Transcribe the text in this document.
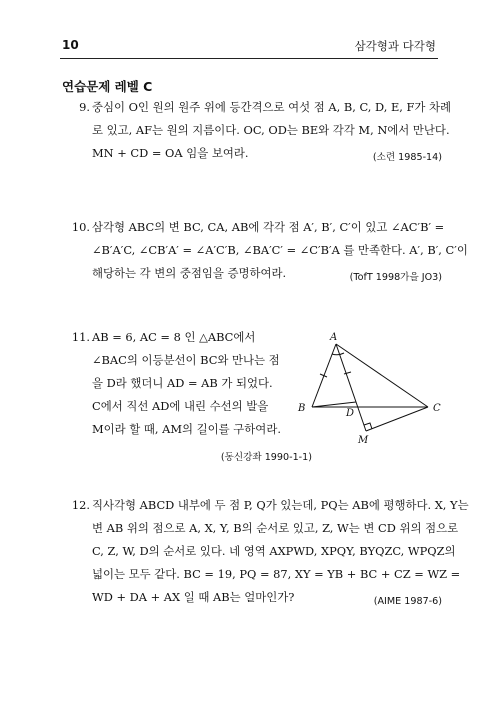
10	삼각형과 다각형
연습문제 레벨 C
9. 중심이 O인 원의 원주 위에 등간격으로 여섯 점 A, B, C, D, E, F가 차례
로 있고, AF는 원의 지름이다. OC, OD는 BE와 각각 M, N에서 만난다.
MN + CD = OA 임을 보여라.	(소련 1985-14)
10. 삼각형 ABC의 변 BC, CA, AB에 각각 점 A′, B′, C′이 있고 ∠AC′B′ =
∠B′A′C, ∠CB′A′ = ∠A′C′B, ∠BA′C′ = ∠C′B′A 를 만족한다. A′, B′, C′이
해당하는 각 변의 중점임을 증명하여라.	(TofT 1998가을 JO3)
11. AB = 6, AC = 8 인 △ABC에서
∠BAC의 이등분선이 BC와 만나는 점
을 D라 했더니 AD = AB 가 되었다.
C에서 직선 AD에 내린 수선의 발을
M이라 할 때, AM의 길이를 구하여라.
(동신강좌 1990-1-1)
A
B	C
D
M
12. 직사각형 ABCD 내부에 두 점 P, Q가 있는데, PQ는 AB에 평행하다. X, Y는
변 AB 위의 점으로 A, X, Y, B의 순서로 있고, Z, W는 변 CD 위의 점으로
C, Z, W, D의 순서로 있다. 네 영역 AXPWD, XPQY, BYQZC, WPQZ의
넓이는 모두 같다. BC = 19, PQ = 87, XY = YB + BC + CZ = WZ =
WD + DA + AX 일 때 AB는 얼마인가?	(AIME 1987-6)
